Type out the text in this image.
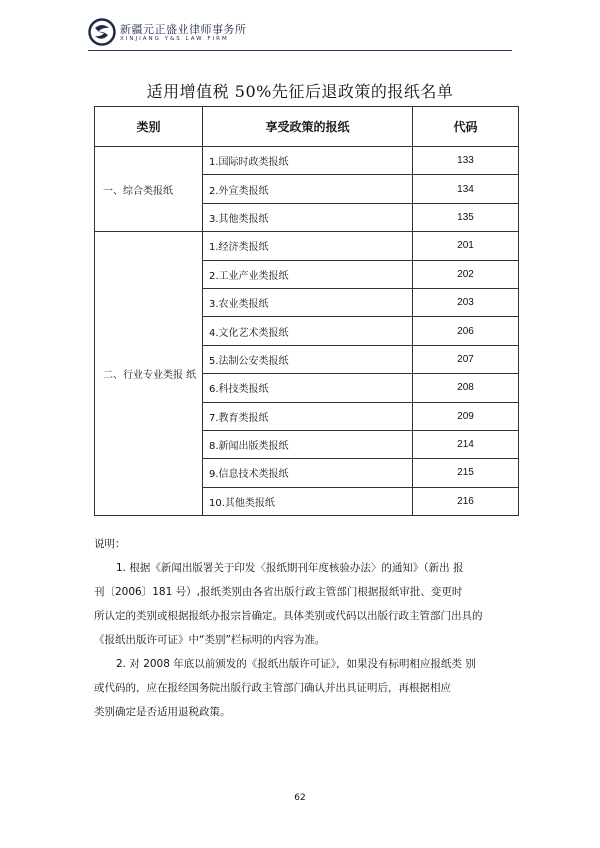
新疆元正盛业律师事务所
XINJIANG Y&S LAW FIRM
适用增值税 50%先征后退政策的报纸名单
类别	享受政策的报纸	代码
一、综合类报纸	1.国际时政类报纸	133
	2.外宣类报纸	134
	3.其他类报纸	135
二、行业专业类报 纸	1.经济类报纸	201
	2.工业产业类报纸	202
	3.农业类报纸	203
	4.文化艺术类报纸	206
	5.法制公安类报纸	207
	6.科技类报纸	208
	7.教育类报纸	209
	8.新闻出版类报纸	214
	9.信息技术类报纸	215
	10.其他类报纸	216

说明：

1. 根据《新闻出版署关于印发〈报纸期刊年度核验办法〉的通知》（新出 报

刊〔2006〕181 号）,报纸类别由各省出版行政主管部门根据报纸审批、变更时

所认定的类别或根据报纸办报宗旨确定。具体类别或代码以出版行政主管部门出具的

《报纸出版许可证》中“类别”栏标明的内容为准。

2. 对 2008 年底以前颁发的《报纸出版许可证》，如果没有标明相应报纸类 别

或代码的，应在报经国务院出版行政主管部门确认并出具证明后，再根据相应

类别确定是否适用退税政策。

62
